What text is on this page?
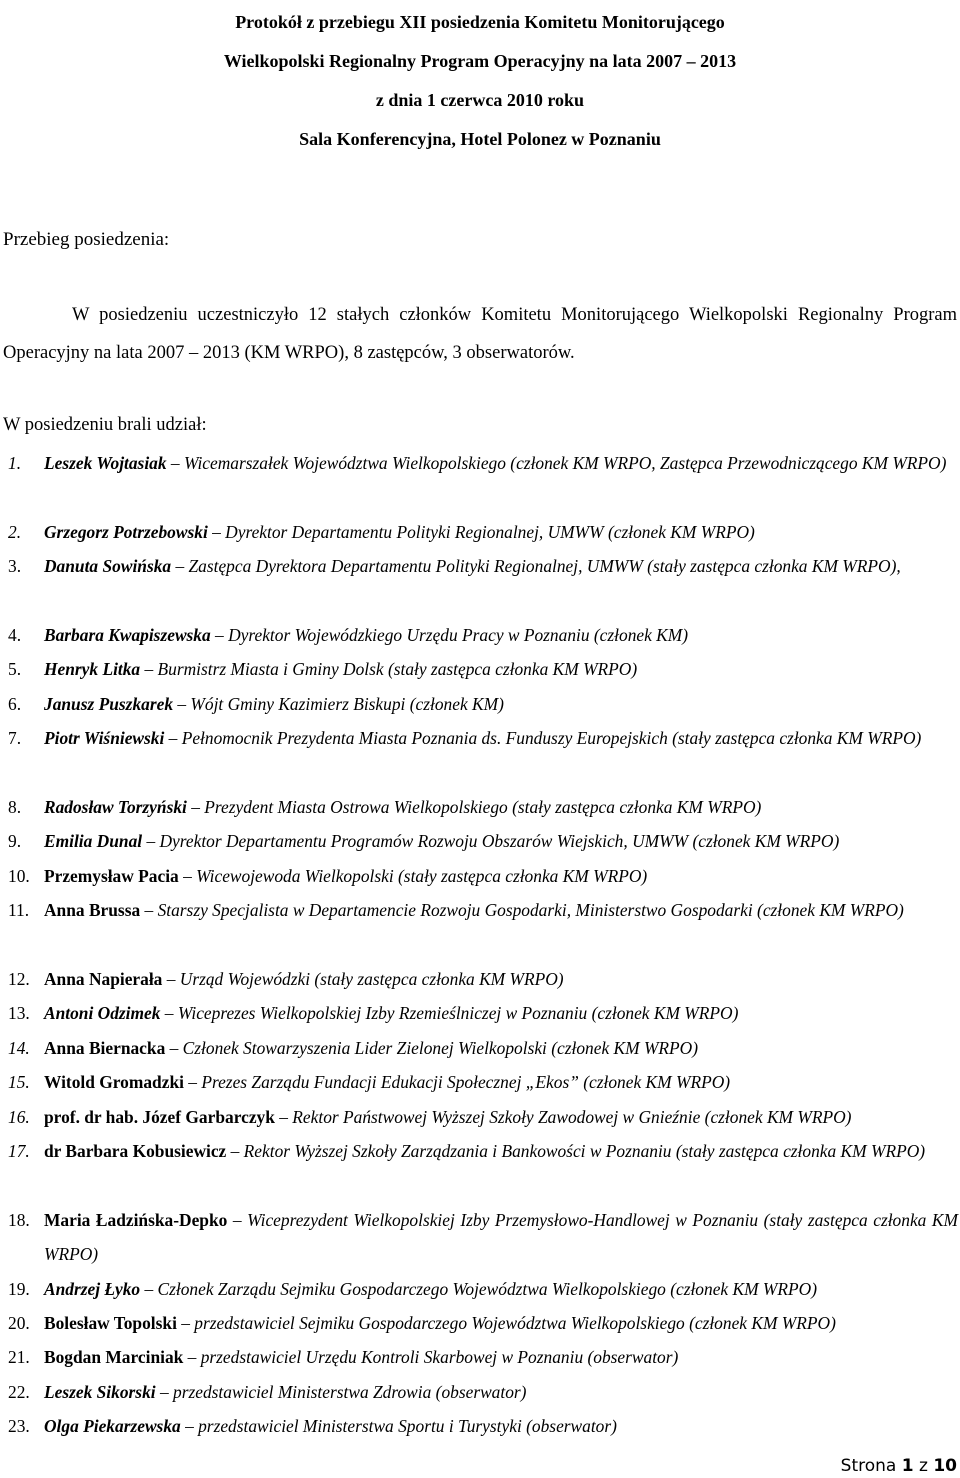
Protokół z przebiegu XII posiedzenia Komitetu Monitorującego
Wielkopolski Regionalny Program Operacyjny na lata 2007 – 2013
z dnia 1 czerwca 2010 roku
Sala Konferencyjna, Hotel Polonez w Poznaniu
Przebieg posiedzenia:
W posiedzeniu uczestniczyło 12 stałych członków Komitetu Monitorującego Wielkopolski Regionalny Program Operacyjny na lata 2007 – 2013 (KM WRPO), 8 zastępców, 3 obserwatorów.
W posiedzeniu brali udział:
1.	Leszek Wojtasiak – Wicemarszałek Województwa Wielkopolskiego (członek KM WRPO, Zastępca Przewodniczącego KM WRPO)
2.	Grzegorz Potrzebowski – Dyrektor Departamentu Polityki Regionalnej, UMWW (członek KM WRPO)
3.	Danuta Sowińska – Zastępca Dyrektora Departamentu Polityki Regionalnej, UMWW (stały zastępca członka KM WRPO),
4.	Barbara Kwapiszewska – Dyrektor Wojewódzkiego Urzędu Pracy w Poznaniu (członek KM)
5.	Henryk Litka – Burmistrz Miasta i Gminy Dolsk (stały zastępca członka KM WRPO)
6.	Janusz Puszkarek – Wójt Gminy Kazimierz Biskupi (członek KM)
7.	Piotr Wiśniewski – Pełnomocnik Prezydenta Miasta Poznania ds. Funduszy Europejskich (stały zastępca członka KM WRPO)
8.	Radosław Torzyński – Prezydent Miasta Ostrowa Wielkopolskiego (stały zastępca członka KM WRPO)
9.	Emilia Dunal – Dyrektor Departamentu Programów Rozwoju Obszarów Wiejskich, UMWW (członek KM WRPO)
10. Przemysław Pacia – Wicewojewoda Wielkopolski (stały zastępca członka KM WRPO)
11. Anna Brussa – Starszy Specjalista w Departamencie Rozwoju Gospodarki, Ministerstwo Gospodarki (członek KM WRPO)
12. Anna Napierała – Urząd Wojewódzki (stały zastępca członka KM WRPO)
13. Antoni Odzimek – Wiceprezes Wielkopolskiej Izby Rzemieślniczej w Poznaniu (członek KM WRPO)
14. Anna Biernacka – Członek Stowarzyszenia Lider Zielonej Wielkopolski (członek KM WRPO)
15. Witold Gromadzki – Prezes Zarządu Fundacji Edukacji Społecznej „Ekos” (członek KM WRPO)
16. prof. dr hab. Józef Garbarczyk – Rektor Państwowej Wyższej Szkoły Zawodowej w Gnieźnie (członek KM WRPO)
17. dr Barbara Kobusiewicz – Rektor Wyższej Szkoły Zarządzania i Bankowości w Poznaniu (stały zastępca członka KM WRPO)
18. Maria Ładzińska-Depko – Wiceprezydent Wielkopolskiej Izby Przemysłowo-Handlowej w Poznaniu (stały zastępca członka KM WRPO)
19. Andrzej Łyko – Członek Zarządu Sejmiku Gospodarczego Województwa Wielkopolskiego (członek KM WRPO)
20. Bolesław Topolski – przedstawiciel Sejmiku Gospodarczego Województwa Wielkopolskiego (członek KM WRPO)
21. Bogdan Marciniak – przedstawiciel Urzędu Kontroli Skarbowej w Poznaniu (obserwator)
22. Leszek Sikorski – przedstawiciel Ministerstwa Zdrowia (obserwator)
23. Olga Piekarzewska – przedstawiciel Ministerstwa Sportu i Turystyki (obserwator)
Strona 1 z 10
